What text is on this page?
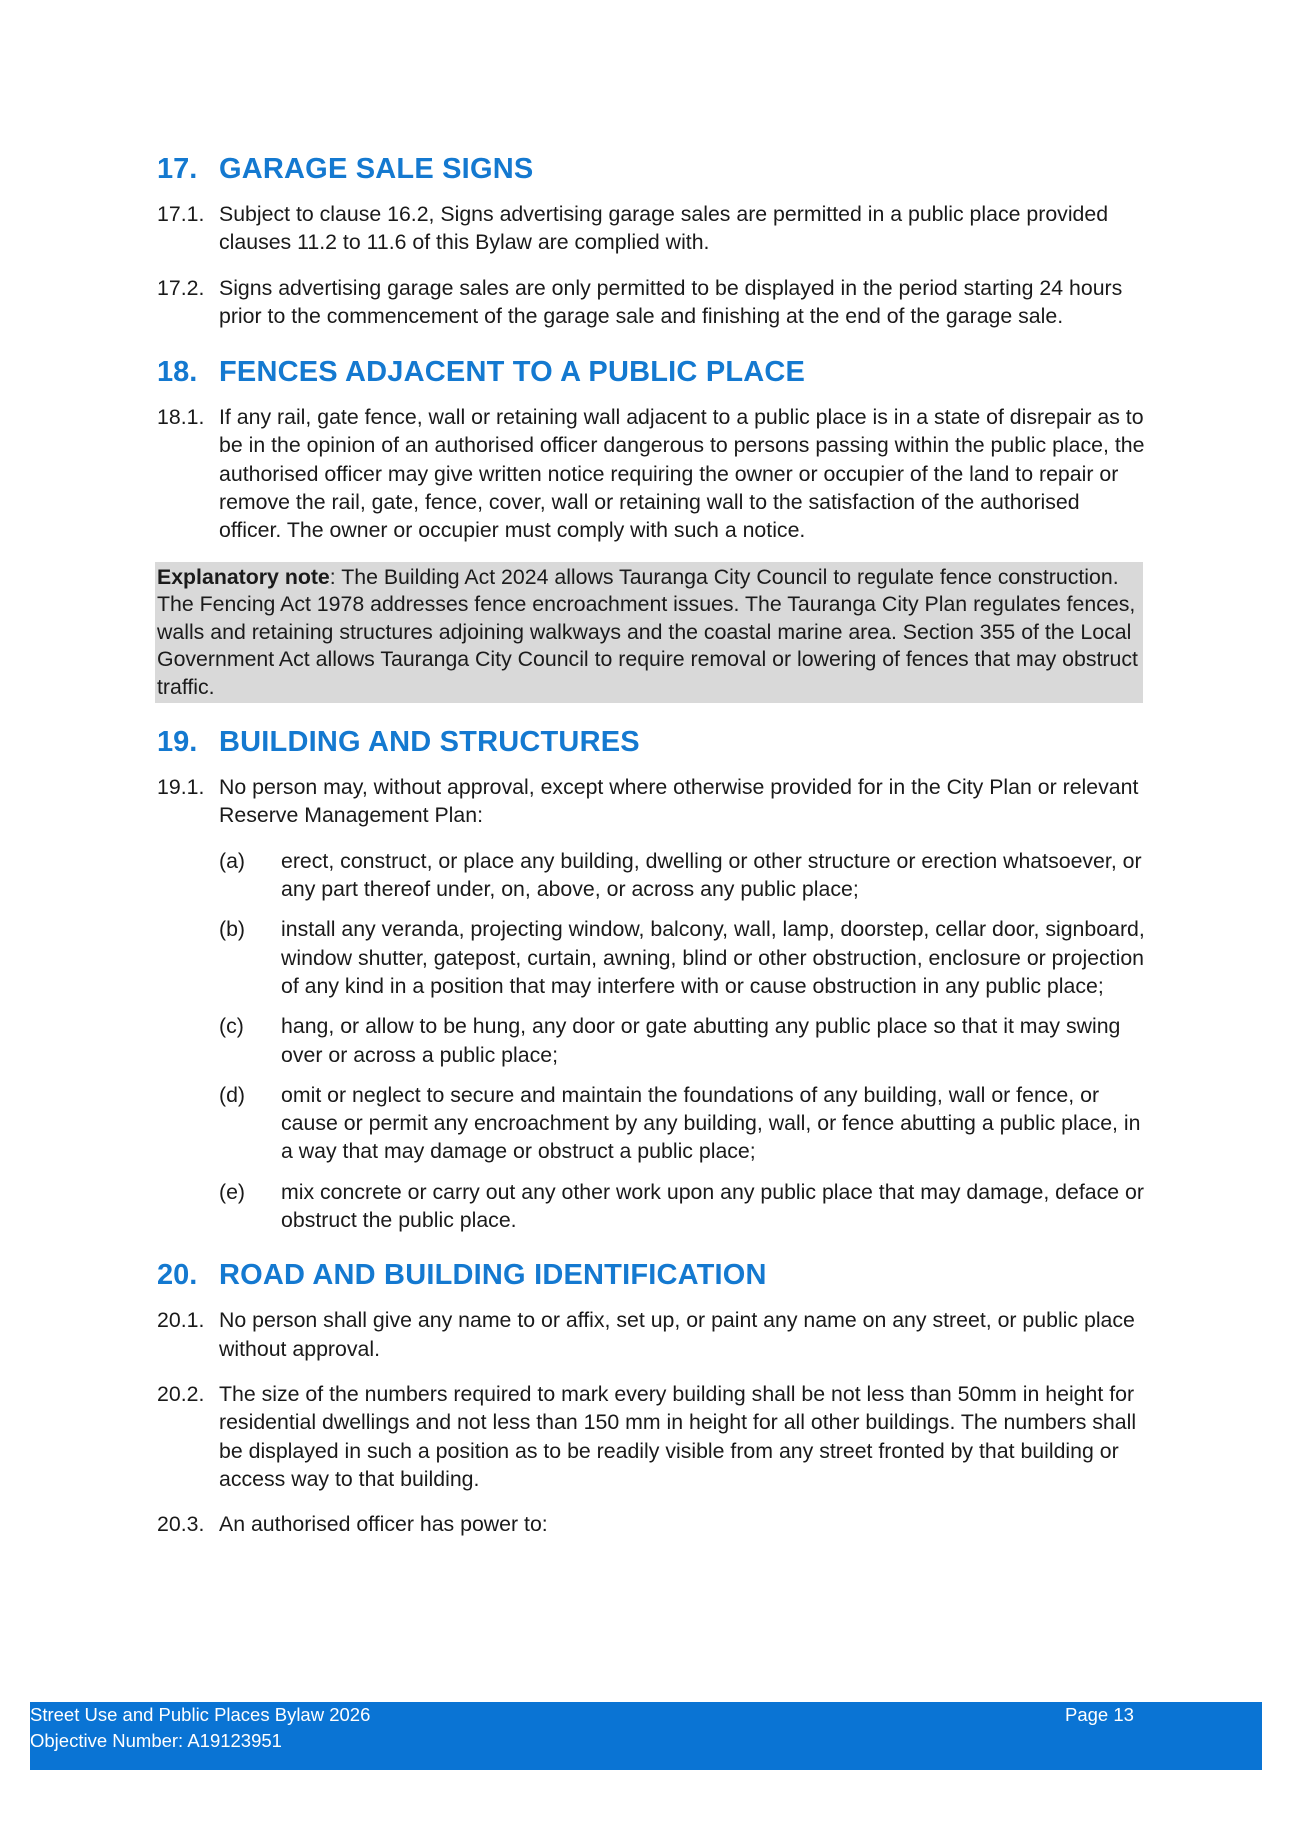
17. GARAGE SALE SIGNS
17.1. Subject to clause 16.2, Signs advertising garage sales are permitted in a public place provided clauses 11.2 to 11.6 of this Bylaw are complied with.
17.2. Signs advertising garage sales are only permitted to be displayed in the period starting 24 hours prior to the commencement of the garage sale and finishing at the end of the garage sale.
18. FENCES ADJACENT TO A PUBLIC PLACE
18.1. If any rail, gate fence, wall or retaining wall adjacent to a public place is in a state of disrepair as to be in the opinion of an authorised officer dangerous to persons passing within the public place, the authorised officer may give written notice requiring the owner or occupier of the land to repair or remove the rail, gate, fence, cover, wall or retaining wall to the satisfaction of the authorised officer. The owner or occupier must comply with such a notice.
Explanatory note: The Building Act 2024 allows Tauranga City Council to regulate fence construction. The Fencing Act 1978 addresses fence encroachment issues. The Tauranga City Plan regulates fences, walls and retaining structures adjoining walkways and the coastal marine area. Section 355 of the Local Government Act allows Tauranga City Council to require removal or lowering of fences that may obstruct traffic.
19. BUILDING AND STRUCTURES
19.1. No person may, without approval, except where otherwise provided for in the City Plan or relevant Reserve Management Plan:
(a)	erect, construct, or place any building, dwelling or other structure or erection whatsoever, or any part thereof under, on, above, or across any public place;
(b)	install any veranda, projecting window, balcony, wall, lamp, doorstep, cellar door, signboard, window shutter, gatepost, curtain, awning, blind or other obstruction, enclosure or projection of any kind in a position that may interfere with or cause obstruction in any public place;
(c)	hang, or allow to be hung, any door or gate abutting any public place so that it may swing over or across a public place;
(d)	omit or neglect to secure and maintain the foundations of any building, wall or fence, or cause or permit any encroachment by any building, wall, or fence abutting a public place, in a way that may damage or obstruct a public place;
(e)	mix concrete or carry out any other work upon any public place that may damage, deface or obstruct the public place.
20. ROAD AND BUILDING IDENTIFICATION
20.1. No person shall give any name to or affix, set up, or paint any name on any street, or public place without approval.
20.2. The size of the numbers required to mark every building shall be not less than 50mm in height for residential dwellings and not less than 150 mm in height for all other buildings. The numbers shall be displayed in such a position as to be readily visible from any street fronted by that building or access way to that building.
20.3. An authorised officer has power to:
Street Use and Public Places Bylaw 2026	Page 13
Objective Number: A19123951
